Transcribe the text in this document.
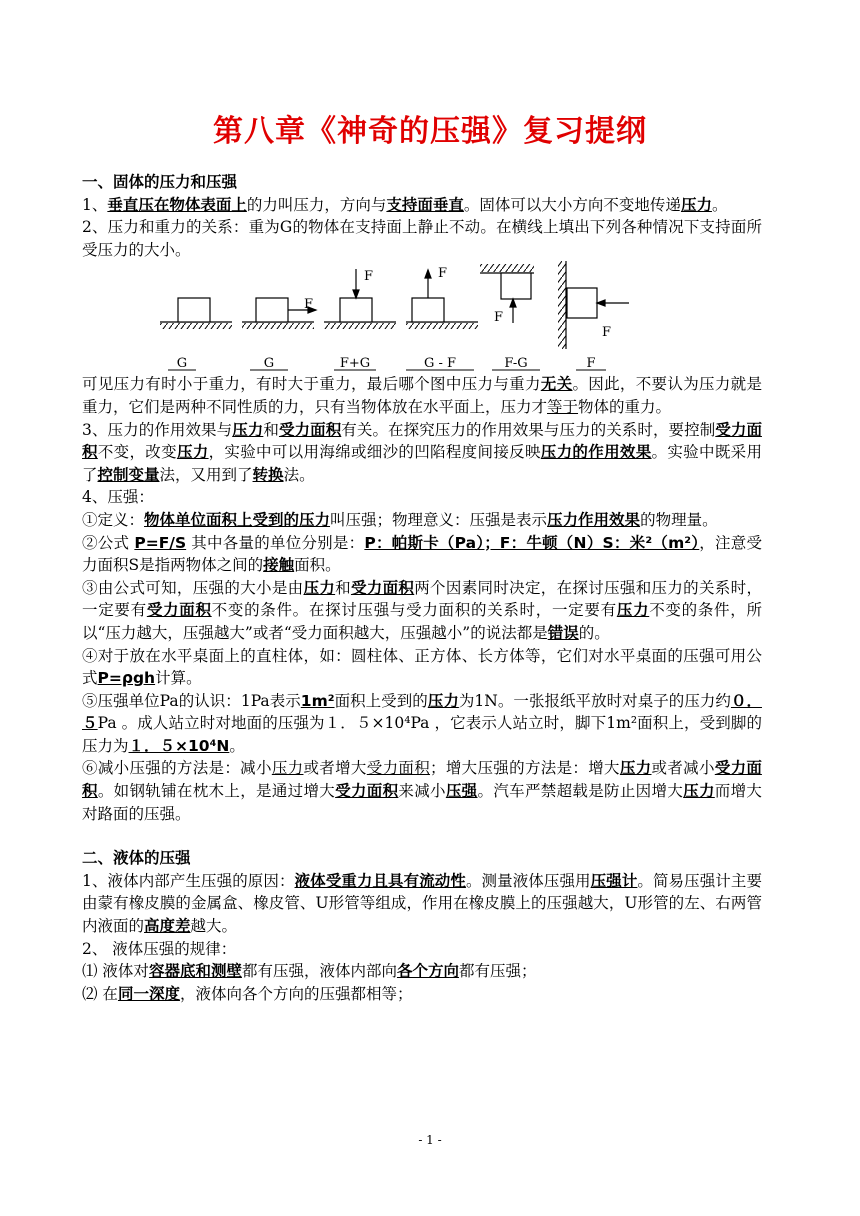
第八章《神奇的压强》复习提纲

一、固体的压力和压强

1、垂直压在物体表面上的力叫压力，方向与支持面垂直。固体可以大小方向不变地传递压力。

2、压力和重力的关系：重为G的物体在支持面上静止不动。在横线上填出下列各种情况下支持面所受压力的大小。

F
F	F
F
F
G	G	F+G	G - F	F-G	F

可见压力有时小于重力，有时大于重力，最后哪个图中压力与重力无关。因此，不要认为压力就是重力，它们是两种不同性质的力，只有当物体放在水平面上，压力才等于物体的重力。

3、压力的作用效果与压力和受力面积有关。在探究压力的作用效果与压力的关系时，要控制受力面积不变，改变压力，实验中可以用海绵或细沙的凹陷程度间接反映压力的作用效果。实验中既采用了控制变量法，又用到了转换法。

4、压强：

①定义：物体单位面积上受到的压力叫压强；物理意义：压强是表示压力作用效果的物理量。

②公式 P=F/S 其中各量的单位分别是：P：帕斯卡（Pa）；F：牛顿（N）S：米²（m²），注意受力面积S是指两物体之间的接触面积。

③由公式可知，压强的大小是由压力和受力面积两个因素同时决定，在探讨压强和压力的关系时，一定要有受力面积不变的条件。在探讨压强与受力面积的关系时，一定要有压力不变的条件，所以“压力越大，压强越大”或者“受力面积越大，压强越小”的说法都是错误的。

④对于放在水平桌面上的直柱体，如：圆柱体、正方体、长方体等，它们对水平桌面的压强可用公式P=ρgh计算。

⑤压强单位Pa的认识：1Pa表示1m²面积上受到的压力为1N。一张报纸平放时对桌子的压力约０．５Pa 。成人站立时对地面的压强为１．５×10⁴Pa ，它表示人站立时，脚下1m²面积上，受到脚的压力为１．５×10⁴N。

⑥减小压强的方法是：减小压力或者增大受力面积；增大压强的方法是：增大压力或者减小受力面积。如钢轨铺在枕木上，是通过增大受力面积来减小压强。汽车严禁超载是防止因增大压力而增大对路面的压强。

二、液体的压强

1、液体内部产生压强的原因：液体受重力且具有流动性。测量液体压强用压强计。简易压强计主要由蒙有橡皮膜的金属盒、橡皮管、U形管等组成，作用在橡皮膜上的压强越大，U形管的左、右两管内液面的高度差越大。

2、 液体压强的规律：

⑴ 液体对容器底和测壁都有压强，液体内部向各个方向都有压强；

⑵ 在同一深度，液体向各个方向的压强都相等；

- 1 -
